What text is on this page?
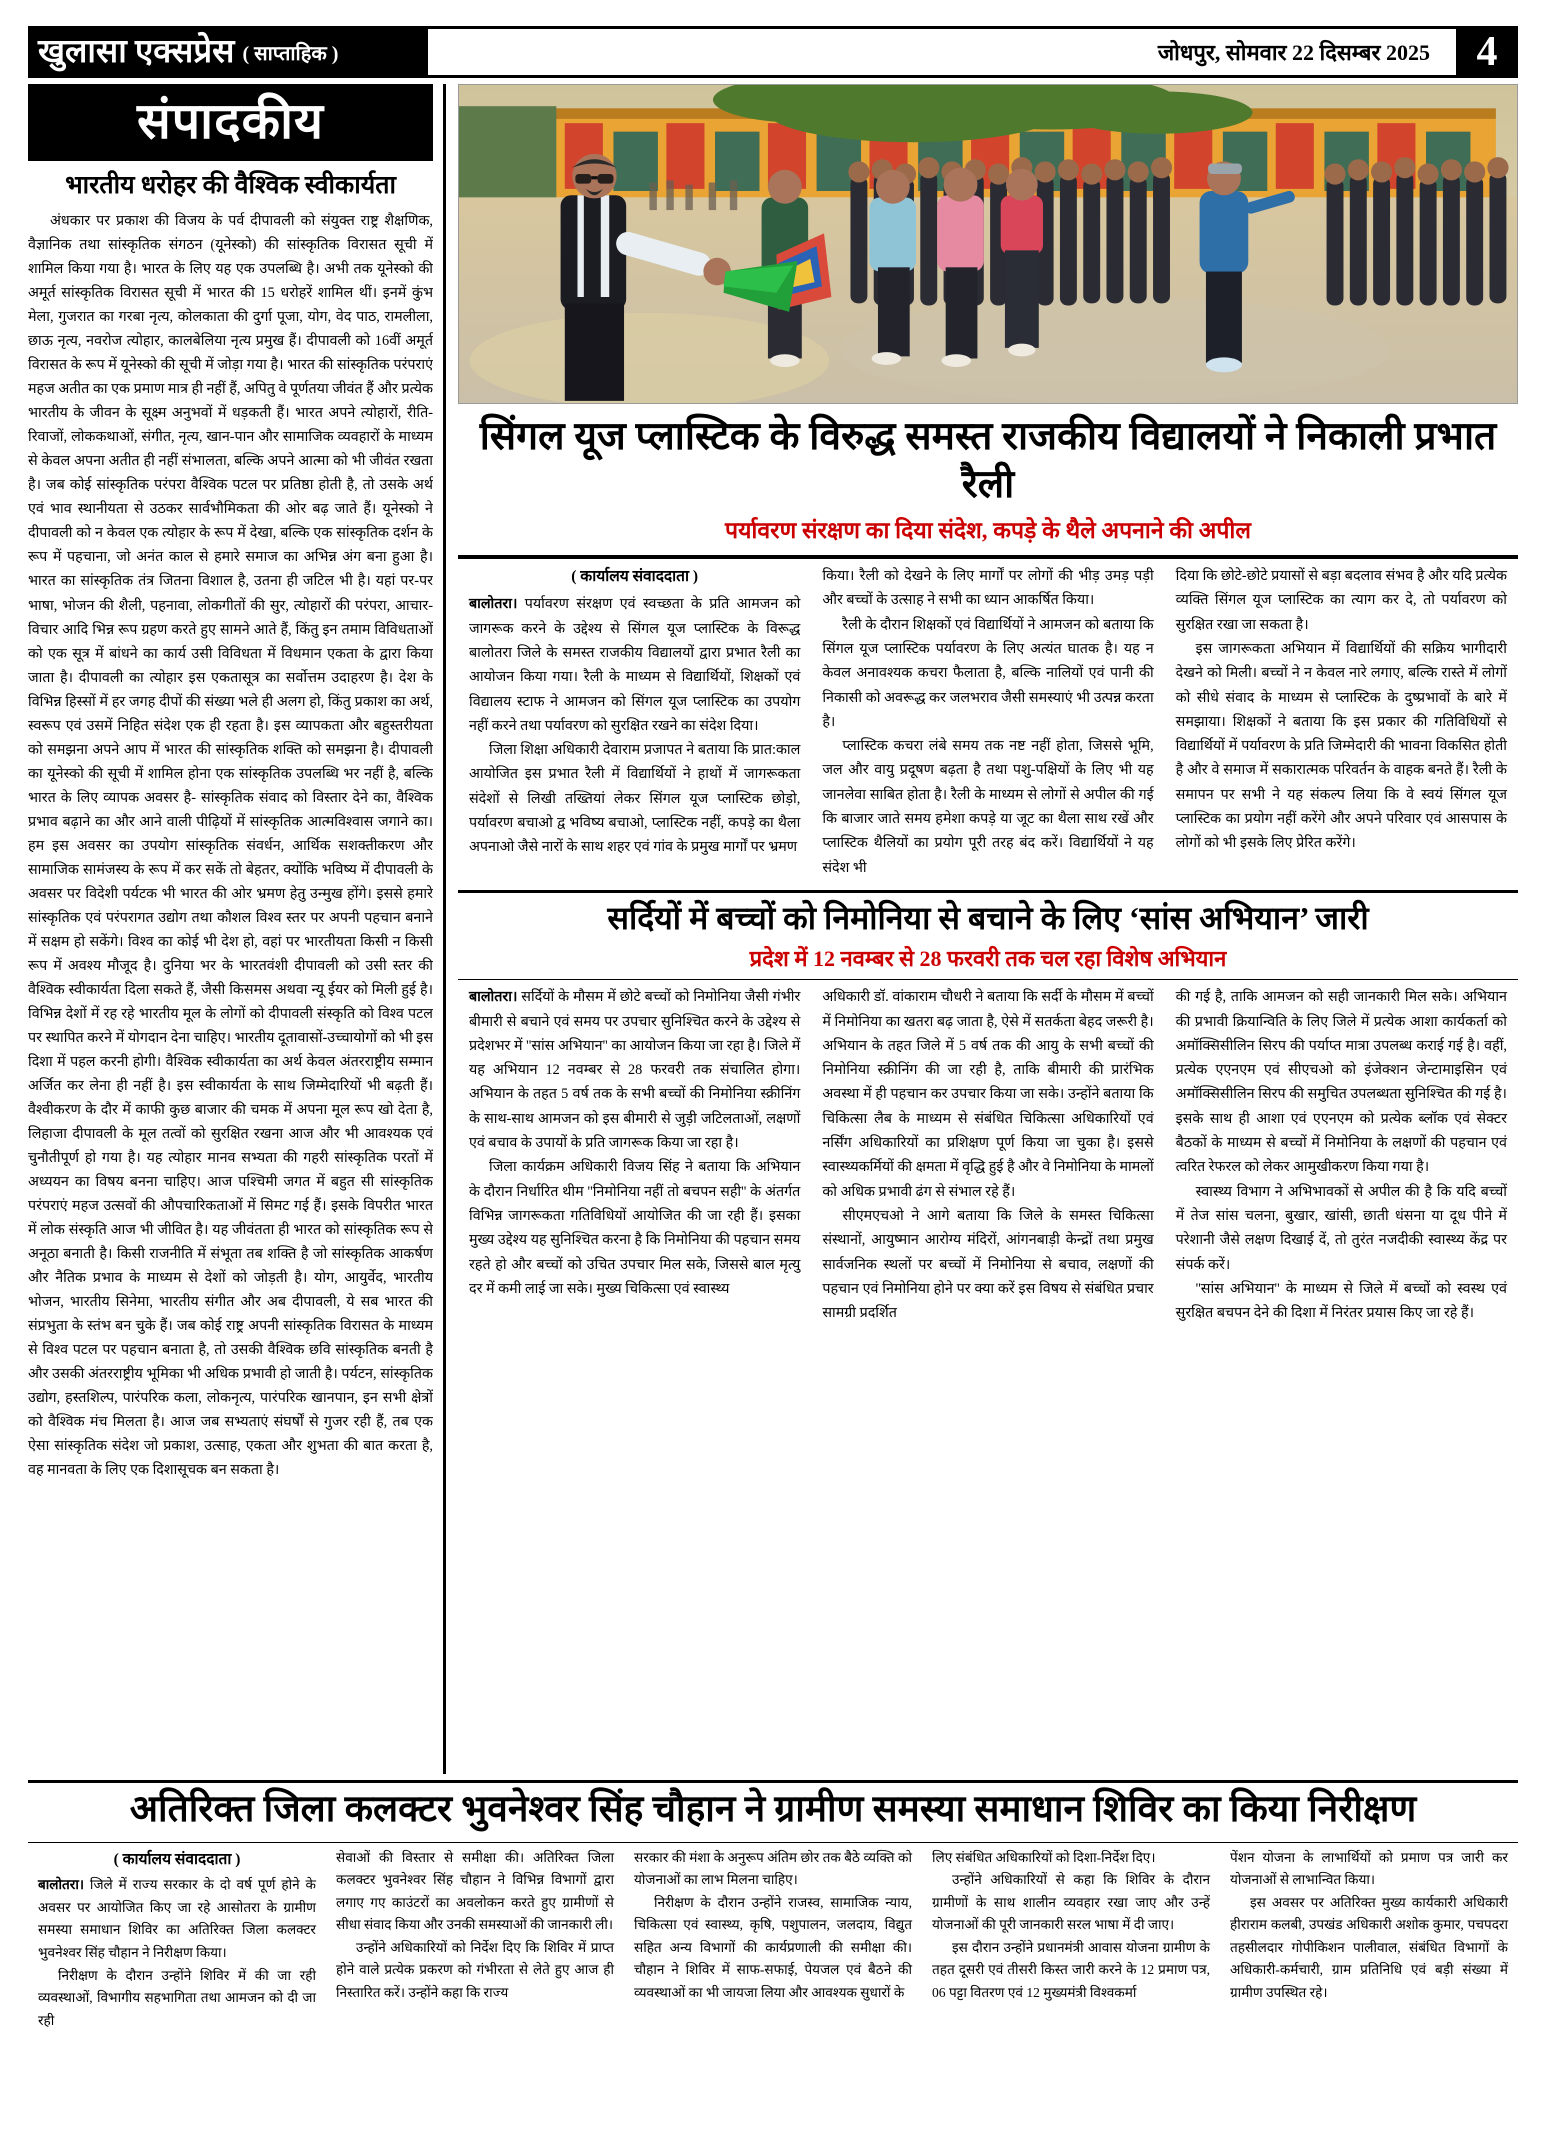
खुलासा एक्सप्रेस ( साप्ताहिक )	जोधपुर, सोमवार 22 दिसम्बर 2025	4
संपादकीय
भारतीय धरोहर की वैश्विक स्वीकार्यता

अंधकार पर प्रकाश की विजय के पर्व दीपावली को संयुक्त राष्ट्र शैक्षणिक, वैज्ञानिक तथा सांस्कृतिक संगठन (यूनेस्को) की सांस्कृतिक विरासत सूची में शामिल किया गया है। भारत के लिए यह एक उपलब्धि है। अभी तक यूनेस्को की अमूर्त सांस्कृतिक विरासत सूची में भारत की 15 धरोहरें शामिल थीं। इनमें कुंभ मेला, गुजरात का गरबा नृत्य, कोलकाता की दुर्गा पूजा, योग, वेद पाठ, रामलीला, छाऊ नृत्य, नवरोज त्योहार, कालबेलिया नृत्य प्रमुख हैं। दीपावली को 16वीं अमूर्त विरासत के रूप में यूनेस्को की सूची में जोड़ा गया है। भारत की सांस्कृतिक परंपराएं महज अतीत का एक प्रमाण मात्र ही नहीं हैं, अपितु वे पूर्णतया जीवंत हैं और प्रत्येक भारतीय के जीवन के सूक्ष्म अनुभवों में धड़कती हैं। भारत अपने त्योहारों, रीति-रिवाजों, लोककथाओं, संगीत, नृत्य, खान-पान और सामाजिक व्यवहारों के माध्यम से केवल अपना अतीत ही नहीं संभालता, बल्कि अपने आत्मा को भी जीवंत रखता है। जब कोई सांस्कृतिक परंपरा वैश्विक पटल पर प्रतिष्ठा होती है, तो उसके अर्थ एवं भाव स्थानीयता से उठकर सार्वभौमिकता की ओर बढ़ जाते हैं। यूनेस्को ने दीपावली को न केवल एक त्योहार के रूप में देखा, बल्कि एक सांस्कृतिक दर्शन के रूप में पहचाना, जो अनंत काल से हमारे समाज का अभिन्न अंग बना हुआ है। भारत का सांस्कृतिक तंत्र जितना विशाल है, उतना ही जटिल भी है। यहां पर-पर भाषा, भोजन की शैली, पहनावा, लोकगीतों की सुर, त्योहारों की परंपरा, आचार-विचार आदि भिन्न रूप ग्रहण करते हुए सामने आते हैं, किंतु इन तमाम विविधताओं को एक सूत्र में बांधने का कार्य उसी विविधता में विधमान एकता के द्वारा किया जाता है। दीपावली का त्योहार इस एकतासूत्र का सर्वोत्तम उदाहरण है। देश के विभिन्न हिस्सों में हर जगह दीपों की संख्या भले ही अलग हो, किंतु प्रकाश का अर्थ, स्वरूप एवं उसमें निहित संदेश एक ही रहता है। इस व्यापकता और बहुस्तरीयता को समझना अपने आप में भारत की सांस्कृतिक शक्ति को समझना है। दीपावली का यूनेस्को की सूची में शामिल होना एक सांस्कृतिक उपलब्धि भर नहीं है, बल्कि भारत के लिए व्यापक अवसर है- सांस्कृतिक संवाद को विस्तार देने का, वैश्विक प्रभाव बढ़ाने का और आने वाली पीढ़ियों में सांस्कृतिक आत्मविश्वास जगाने का। हम इस अवसर का उपयोग सांस्कृतिक संवर्धन, आर्थिक सशक्तीकरण और सामाजिक सामंजस्य के रूप में कर सकें तो बेहतर, क्योंकि भविष्य में दीपावली के अवसर पर विदेशी पर्यटक भी भारत की ओर भ्रमण हेतु उन्मुख होंगे। इससे हमारे सांस्कृतिक एवं परंपरागत उद्योग तथा कौशल विश्व स्तर पर अपनी पहचान बनाने में सक्षम हो सकेंगे। विश्व का कोई भी देश हो, वहां पर भारतीयता किसी न किसी रूप में अवश्य मौजूद है। दुनिया भर के भारतवंशी दीपावली को उसी स्तर की वैश्विक स्वीकार्यता दिला सकते हैं, जैसी किसमस अथवा न्यू ईयर को मिली हुई है। विभिन्न देशों में रह रहे भारतीय मूल के लोगों को दीपावली संस्कृति को विश्व पटल पर स्थापित करने में योगदान देना चाहिए। भारतीय दूतावासों-उच्चायोगों को भी इस दिशा में पहल करनी होगी। वैश्विक स्वीकार्यता का अर्थ केवल अंतरराष्ट्रीय सम्मान अर्जित कर लेना ही नहीं है। इस स्वीकार्यता के साथ जिम्मेदारियों भी बढ़ती हैं। वैश्वीकरण के दौर में काफी कुछ बाजार की चमक में अपना मूल रूप खो देता है, लिहाजा दीपावली के मूल तत्वों को सुरक्षित रखना आज और भी आवश्यक एवं चुनौतीपूर्ण हो गया है। यह त्योहार मानव सभ्यता की गहरी सांस्कृतिक परतों में अध्ययन का विषय बनना चाहिए। आज पश्चिमी जगत में बहुत सी सांस्कृतिक परंपराएं महज उत्सवों की औपचारिकताओं में सिमट गई हैं। इसके विपरीत भारत में लोक संस्कृति आज भी जीवित है। यह जीवंतता ही भारत को सांस्कृतिक रूप से अनूठा बनाती है। किसी राजनीति में संभूता तब शक्ति है जो सांस्कृतिक आकर्षण और नैतिक प्रभाव के माध्यम से देशों को जोड़ती है। योग, आयुर्वेद, भारतीय भोजन, भारतीय सिनेमा, भारतीय संगीत और अब दीपावली, ये सब भारत की संप्रभुता के स्तंभ बन चुके हैं। जब कोई राष्ट्र अपनी सांस्कृतिक विरासत के माध्यम से विश्व पटल पर पहचान बनाता है, तो उसकी वैश्विक छवि सांस्कृतिक बनती है और उसकी अंतरराष्ट्रीय भूमिका भी अधिक प्रभावी हो जाती है। पर्यटन, सांस्कृतिक उद्योग, हस्तशिल्प, पारंपरिक कला, लोकनृत्य, पारंपरिक खानपान, इन सभी क्षेत्रों को वैश्विक मंच मिलता है। आज जब सभ्यताएं संघर्षों से गुजर रही हैं, तब एक ऐसा सांस्कृतिक संदेश जो प्रकाश, उत्साह, एकता और शुभता की बात करता है, वह मानवता के लिए एक दिशासूचक बन सकता है।

सिंगल यूज प्लास्टिक के विरुद्ध समस्त राजकीय विद्यालयों ने निकाली प्रभात रैली
पर्यावरण संरक्षण का दिया संदेश, कपड़े के थैले अपनाने की अपील
( कार्यालय संवाददाता )

बालोतरा। पर्यावरण संरक्षण एवं स्वच्छता के प्रति आमजन को जागरूक करने के उद्देश्य से सिंगल यूज प्लास्टिक के विरूद्ध बालोतरा जिले के समस्त राजकीय विद्यालयों द्वारा प्रभात रैली का आयोजन किया गया। रैली के माध्यम से विद्यार्थियों, शिक्षकों एवं विद्यालय स्टाफ ने आमजन को सिंगल यूज प्लास्टिक का उपयोग नहीं करने तथा पर्यावरण को सुरक्षित रखने का संदेश दिया।

जिला शिक्षा अधिकारी देवाराम प्रजापत ने बताया कि प्रात:काल आयोजित इस प्रभात रैली में विद्यार्थियों ने हाथों में जागरूकता संदेशों से लिखी तख्तियां लेकर सिंगल यूज प्लास्टिक छोड़ो, पर्यावरण बचाओ द्व भविष्य बचाओ, प्लास्टिक नहीं, कपड़े का थैला अपनाओ जैसे नारों के साथ शहर एवं गांव के प्रमुख मार्गों पर भ्रमण

किया। रैली को देखने के लिए मार्गों पर लोगों की भीड़ उमड़ पड़ी और बच्चों के उत्साह ने सभी का ध्यान आकर्षित किया।

रैली के दौरान शिक्षकों एवं विद्यार्थियों ने आमजन को बताया कि सिंगल यूज प्लास्टिक पर्यावरण के लिए अत्यंत घातक है। यह न केवल अनावश्यक कचरा फैलाता है, बल्कि नालियों एवं पानी की निकासी को अवरूद्ध कर जलभराव जैसी समस्याएं भी उत्पन्न करता है।

प्लास्टिक कचरा लंबे समय तक नष्ट नहीं होता, जिससे भूमि, जल और वायु प्रदूषण बढ़ता है तथा पशु-पक्षियों के लिए भी यह जानलेवा साबित होता है। रैली के माध्यम से लोगों से अपील की गई कि बाजार जाते समय हमेशा कपड़े या जूट का थैला साथ रखें और प्लास्टिक थैलियों का प्रयोग पूरी तरह बंद करें। विद्यार्थियों ने यह संदेश भी

दिया कि छोटे-छोटे प्रयासों से बड़ा बदलाव संभव है और यदि प्रत्येक व्यक्ति सिंगल यूज प्लास्टिक का त्याग कर दे, तो पर्यावरण को सुरक्षित रखा जा सकता है।

इस जागरूकता अभियान में विद्यार्थियों की सक्रिय भागीदारी देखने को मिली। बच्चों ने न केवल नारे लगाए, बल्कि रास्ते में लोगों को सीधे संवाद के माध्यम से प्लास्टिक के दुष्प्रभावों के बारे में समझाया। शिक्षकों ने बताया कि इस प्रकार की गतिविधियों से विद्यार्थियों में पर्यावरण के प्रति जिम्मेदारी की भावना विकसित होती है और वे समाज में सकारात्मक परिवर्तन के वाहक बनते हैं। रैली के समापन पर सभी ने यह संकल्प लिया कि वे स्वयं सिंगल यूज प्लास्टिक का प्रयोग नहीं करेंगे और अपने परिवार एवं आसपास के लोगों को भी इसके लिए प्रेरित करेंगे।

सर्दियों में बच्चों को निमोनिया से बचाने के लिए ‘सांस अभियान’ जारी
प्रदेश में 12 नवम्बर से 28 फरवरी तक चल रहा विशेष अभियान

बालोतरा। सर्दियों के मौसम में छोटे बच्चों को निमोनिया जैसी गंभीर बीमारी से बचाने एवं समय पर उपचार सुनिश्चित करने के उद्देश्य से प्रदेशभर में ''सांस अभियान'' का आयोजन किया जा रहा है। जिले में यह अभियान 12 नवम्बर से 28 फरवरी तक संचालित होगा। अभियान के तहत 5 वर्ष तक के सभी बच्चों की निमोनिया स्क्रीनिंग के साथ-साथ आमजन को इस बीमारी से जुड़ी जटिलताओं, लक्षणों एवं बचाव के उपायों के प्रति जागरूक किया जा रहा है।

जिला कार्यक्रम अधिकारी विजय सिंह ने बताया कि अभियान के दौरान निर्धारित थीम ''निमोनिया नहीं तो बचपन सही'' के अंतर्गत विभिन्न जागरूकता गतिविधियों आयोजित की जा रही हैं। इसका मुख्य उद्देश्य यह सुनिश्चित करना है कि निमोनिया की पहचान समय रहते हो और बच्चों को उचित उपचार मिल सके, जिससे बाल मृत्यु दर में कमी लाई जा सके। मुख्य चिकित्सा एवं स्वास्थ्य

अधिकारी डॉ. वांकाराम चौधरी ने बताया कि सर्दी के मौसम में बच्चों में निमोनिया का खतरा बढ़ जाता है, ऐसे में सतर्कता बेहद जरूरी है। अभियान के तहत जिले में 5 वर्ष तक की आयु के सभी बच्चों की निमोनिया स्क्रीनिंग की जा रही है, ताकि बीमारी की प्रारंभिक अवस्था में ही पहचान कर उपचार किया जा सके। उन्होंने बताया कि चिकित्सा लैब के माध्यम से संबंधित चिकित्सा अधिकारियों एवं नर्सिंग अधिकारियों का प्रशिक्षण पूर्ण किया जा चुका है। इससे स्वास्थ्यकर्मियों की क्षमता में वृद्धि हुई है और वे निमोनिया के मामलों को अधिक प्रभावी ढंग से संभाल रहे हैं।

सीएमएचओ ने आगे बताया कि जिले के समस्त चिकित्सा संस्थानों, आयुष्मान आरोग्य मंदिरों, आंगनबाड़ी केन्द्रों तथा प्रमुख सार्वजनिक स्थलों पर बच्चों में निमोनिया से बचाव, लक्षणों की पहचान एवं निमोनिया होने पर क्या करें इस विषय से संबंधित प्रचार सामग्री प्रदर्शित

की गई है, ताकि आमजन को सही जानकारी मिल सके। अभियान की प्रभावी क्रियान्विति के लिए जिले में प्रत्येक आशा कार्यकर्ता को अमॉक्सिसीलिन सिरप की पर्याप्त मात्रा उपलब्ध कराई गई है। वहीं, प्रत्येक एएनएम एवं सीएचओ को इंजेक्शन जेन्टामाइसिन एवं अमॉक्सिसीलिन सिरप की समुचित उपलब्धता सुनिश्चित की गई है। इसके साथ ही आशा एवं एएनएम को प्रत्येक ब्लॉक एवं सेक्टर बैठकों के माध्यम से बच्चों में निमोनिया के लक्षणों की पहचान एवं त्वरित रेफरल को लेकर आमुखीकरण किया गया है।

स्वास्थ्य विभाग ने अभिभावकों से अपील की है कि यदि बच्चों में तेज सांस चलना, बुखार, खांसी, छाती धंसना या दूध पीने में परेशानी जैसे लक्षण दिखाई दें, तो तुरंत नजदीकी स्वास्थ्य केंद्र पर संपर्क करें।

''सांस अभियान'' के माध्यम से जिले में बच्चों को स्वस्थ एवं सुरक्षित बचपन देने की दिशा में निरंतर प्रयास किए जा रहे हैं।

अतिरिक्त जिला कलक्टर भुवनेश्वर सिंह चौहान ने ग्रामीण समस्या समाधान शिविर का किया निरीक्षण
( कार्यालय संवाददाता )

बालोतरा। जिले में राज्य सरकार के दो वर्ष पूर्ण होने के अवसर पर आयोजित किए जा रहे आसोतरा के ग्रामीण समस्या समाधान शिविर का अतिरिक्त जिला कलक्टर भुवनेश्वर सिंह चौहान ने निरीक्षण किया।

निरीक्षण के दौरान उन्होंने शिविर में की जा रही व्यवस्थाओं, विभागीय सहभागिता तथा आमजन को दी जा रही

सेवाओं की विस्तार से समीक्षा की। अतिरिक्त जिला कलक्टर भुवनेश्वर सिंह चौहान ने विभिन्न विभागों द्वारा लगाए गए काउंटरों का अवलोकन करते हुए ग्रामीणों से सीधा संवाद किया और उनकी समस्याओं की जानकारी ली।

उन्होंने अधिकारियों को निर्देश दिए कि शिविर में प्राप्त होने वाले प्रत्येक प्रकरण को गंभीरता से लेते हुए आज ही निस्तारित करें। उन्होंने कहा कि राज्य

सरकार की मंशा के अनुरूप अंतिम छोर तक बैठे व्यक्ति को योजनाओं का लाभ मिलना चाहिए।

निरीक्षण के दौरान उन्होंने राजस्व, सामाजिक न्याय, चिकित्सा एवं स्वास्थ्य, कृषि, पशुपालन, जलदाय, विद्युत सहित अन्य विभागों की कार्यप्रणाली की समीक्षा की। चौहान ने शिविर में साफ-सफाई, पेयजल एवं बैठने की व्यवस्थाओं का भी जायजा लिया और आवश्यक सुधारों के

लिए संबंधित अधिकारियों को दिशा-निर्देश दिए।

उन्होंने अधिकारियों से कहा कि शिविर के दौरान ग्रामीणों के साथ शालीन व्यवहार रखा जाए और उन्हें योजनाओं की पूरी जानकारी सरल भाषा में दी जाए।

इस दौरान उन्होंने प्रधानमंत्री आवास योजना ग्रामीण के तहत दूसरी एवं तीसरी किस्त जारी करने के 12 प्रमाण पत्र, 06 पट्टा वितरण एवं 12 मुख्यमंत्री विश्वकर्मा

पेंशन योजना के लाभार्थियों को प्रमाण पत्र जारी कर योजनाओं से लाभान्वित किया।

इस अवसर पर अतिरिक्त मुख्य कार्यकारी अधिकारी हीराराम कलबी, उपखंड अधिकारी अशोक कुमार, पचपदरा तहसीलदार गोपीकिशन पालीवाल, संबंधित विभागों के अधिकारी-कर्मचारी, ग्राम प्रतिनिधि एवं बड़ी संख्या में ग्रामीण उपस्थित रहे।
